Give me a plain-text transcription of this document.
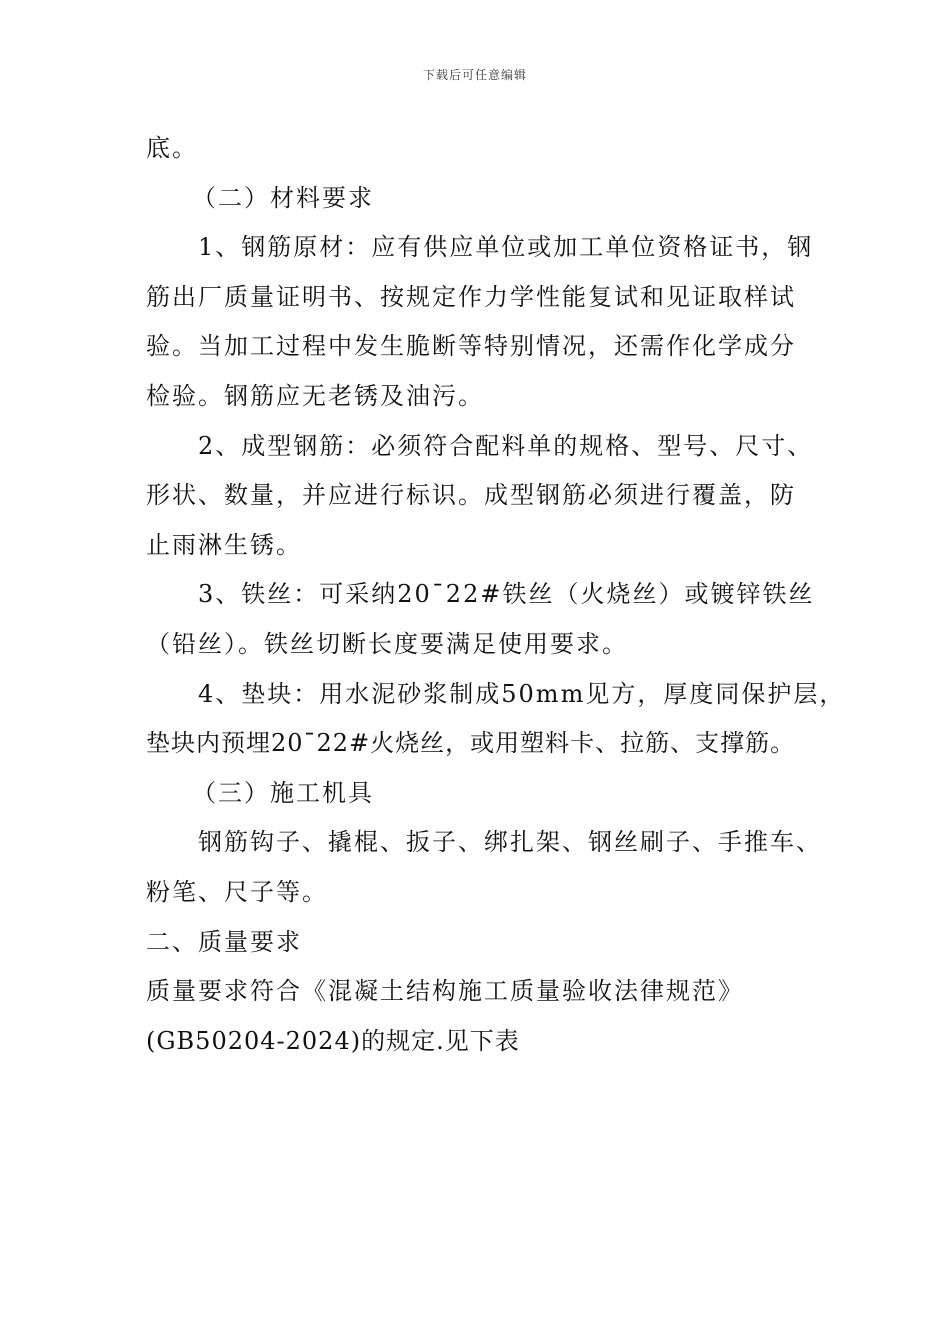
下载后可任意编辑
底。
（二）材料要求
1、钢筋原材：应有供应单位或加工单位资格证书，钢
筋出厂质量证明书、按规定作力学性能复试和见证取样试
验。当加工过程中发生脆断等特别情况，还需作化学成分
检验。钢筋应无老锈及油污。
2、成型钢筋：必须符合配料单的规格、型号、尺寸、
形状、数量，并应进行标识。成型钢筋必须进行覆盖，防
止雨淋生锈。
3、铁丝：可采纳20¯22#铁丝（火烧丝）或镀锌铁丝
（铅丝）。铁丝切断长度要满足使用要求。
4、垫块：用水泥砂浆制成50mm见方，厚度同保护层，
垫块内预埋20¯22#火烧丝，或用塑料卡、拉筋、支撑筋。
（三）施工机具
钢筋钩子、撬棍、扳子、绑扎架、钢丝刷子、手推车、
粉笔、尺子等。
二、质量要求
质量要求符合《混凝土结构施工质量验收法律规范》
(GB50204-2024)的规定.见下表
